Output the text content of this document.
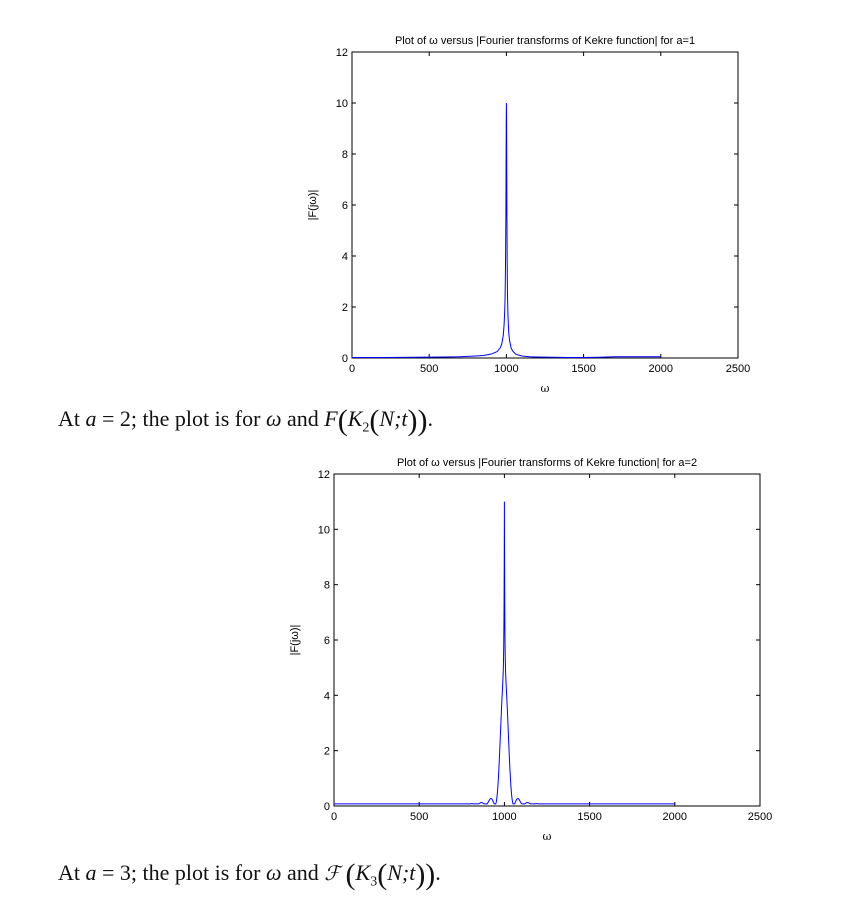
Plot of ω versus |Fourier transforms of Kekre function| for a=1
0	500	1000	1500	2000	2500
0
2
4
6
8
10
12
ω
|F(jω)|
At a = 2; the plot is for ω and $F(K_2(N;t))$.
Plot of ω versus |Fourier transforms of Kekre function| for a=2
0	500	1000	1500	2000	2500
0
2
4
6
8
10
12
ω
|F(jω)|
At a = 3; the plot is for ω and ℱ $(K_3(N;t))$.
